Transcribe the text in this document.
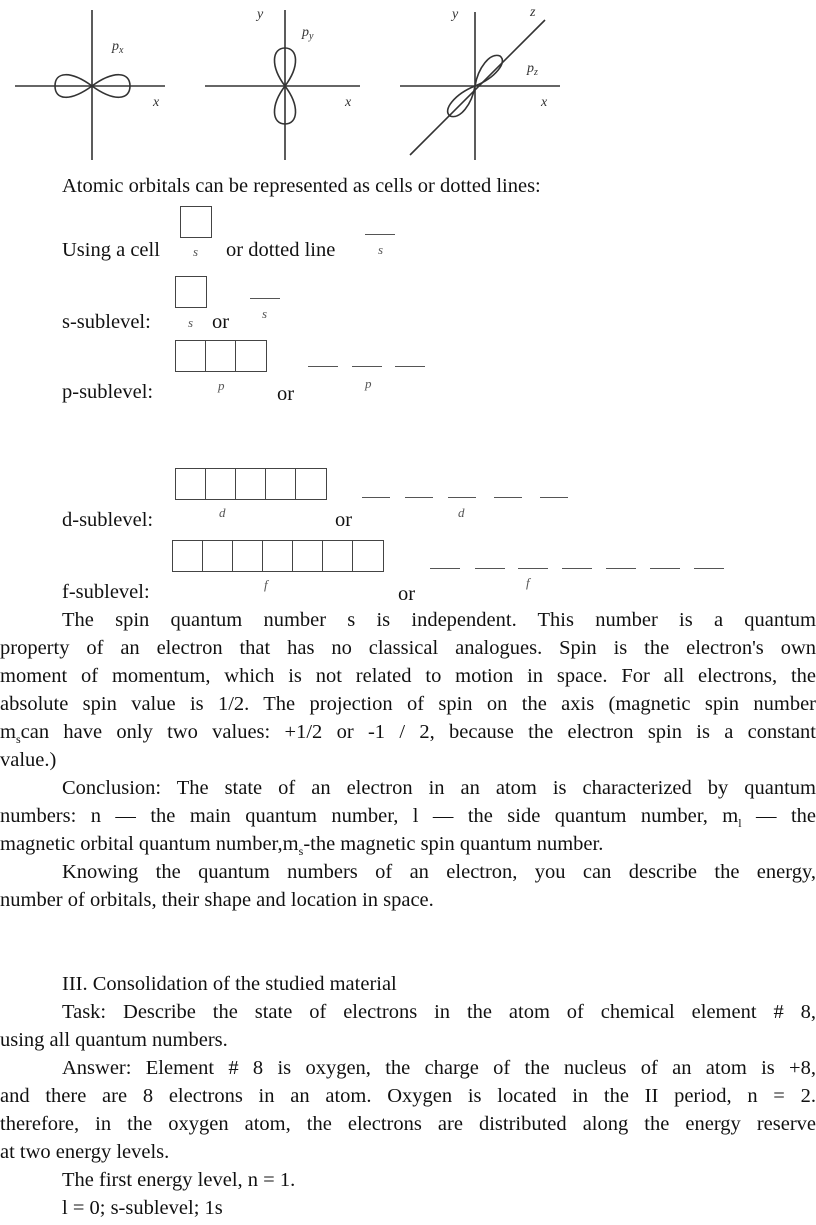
$p_x$
x
y
$p_y$
x
y	z
$p_z$
x
Atomic orbitals can be represented as cells or dotted lines:
Using a cell	s or dotted line	s
s-sublevel:	s or	s
p-sublevel:	p	or	p
d-sublevel:	d	or	d
f-sublevel:	f	or
f
The spin quantum number s is independent. This number is a quantum
property of an electron that has no classical analogues. Spin is the electron's own
moment of momentum, which is not related to motion in space. For all electrons, the
absolute spin value is 1/2. The projection of spin on the axis (magnetic spin number
$m_scan$ have only two values: +1/2 or -1 / 2, because the electron spin is a constant
value.)
Conclusion: The state of an electron in an atom is characterized by quantum
numbers: n — the main quantum number, l — the side quantum number, $m_l$ — the
magnetic orbital quantum $number,m_s$-the magnetic spin quantum number.
Knowing the quantum numbers of an electron, you can describe the energy,
number of orbitals, their shape and location in space.
III. Consolidation of the studied material
Task: Describe the state of electrons in the atom of chemical element # 8,
using all quantum numbers.
Answer: Element # 8 is oxygen, the charge of the nucleus of an atom is +8,
and there are 8 electrons in an atom. Oxygen is located in the II period, n = 2.
therefore, in the oxygen atom, the electrons are distributed along the energy reserve
at two energy levels.
The first energy level, n = 1.
l = 0; s-sublevel; 1s
